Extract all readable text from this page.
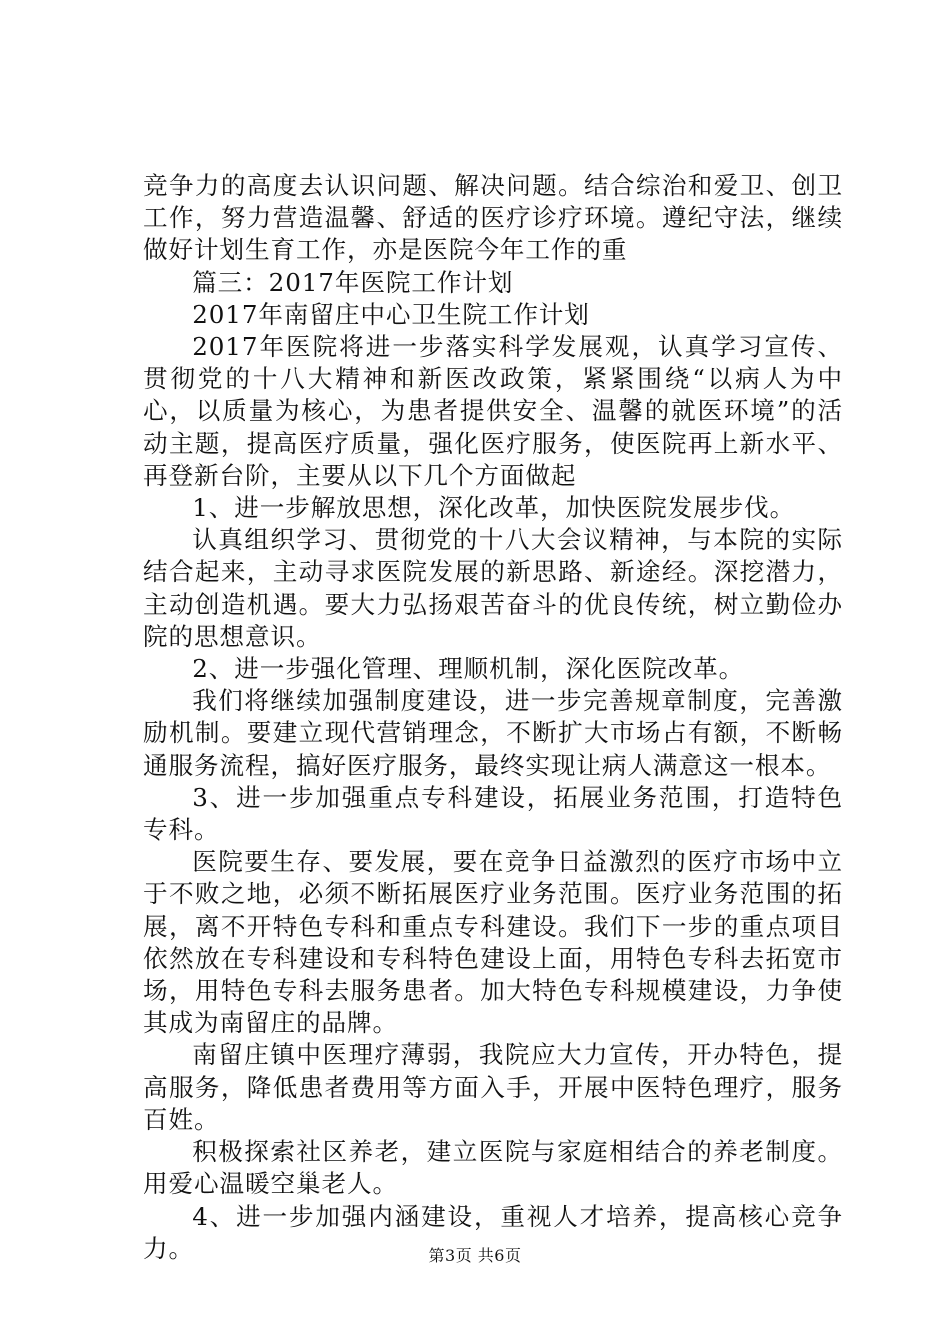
竞争力的高度去认识问题、解决问题。结合综治和爱卫、创卫工作，努力营造温馨、舒适的医疗诊疗环境。遵纪守法，继续做好计划生育工作，亦是医院今年工作的重

篇三：2017年医院工作计划

2017年南留庄中心卫生院工作计划

2017年医院将进一步落实科学发展观，认真学习宣传、贯彻党的十八大精神和新医改政策，紧紧围绕“以病人为中心，以质量为核心，为患者提供安全、温馨的就医环境”的活动主题，提高医疗质量，强化医疗服务，使医院再上新水平、再登新台阶，主要从以下几个方面做起

1、进一步解放思想，深化改革，加快医院发展步伐。

认真组织学习、贯彻党的十八大会议精神，与本院的实际结合起来，主动寻求医院发展的新思路、新途经。深挖潜力，主动创造机遇。要大力弘扬艰苦奋斗的优良传统，树立勤俭办院的思想意识。

2、进一步强化管理、理顺机制，深化医院改革。

我们将继续加强制度建设，进一步完善规章制度，完善激励机制。要建立现代营销理念，不断扩大市场占有额，不断畅通服务流程，搞好医疗服务，最终实现让病人满意这一根本。

3、进一步加强重点专科建设，拓展业务范围，打造特色专科。

医院要生存、要发展，要在竞争日益激烈的医疗市场中立于不败之地，必须不断拓展医疗业务范围。医疗业务范围的拓展，离不开特色专科和重点专科建设。我们下一步的重点项目依然放在专科建设和专科特色建设上面，用特色专科去拓宽市场，用特色专科去服务患者。加大特色专科规模建设，力争使其成为南留庄的品牌。

南留庄镇中医理疗薄弱，我院应大力宣传，开办特色，提高服务，降低患者费用等方面入手，开展中医特色理疗，服务百姓。

积极探索社区养老，建立医院与家庭相结合的养老制度。用爱心温暖空巢老人。

4、进一步加强内涵建设，重视人才培养，提高核心竞争力。	第3页 共6页
